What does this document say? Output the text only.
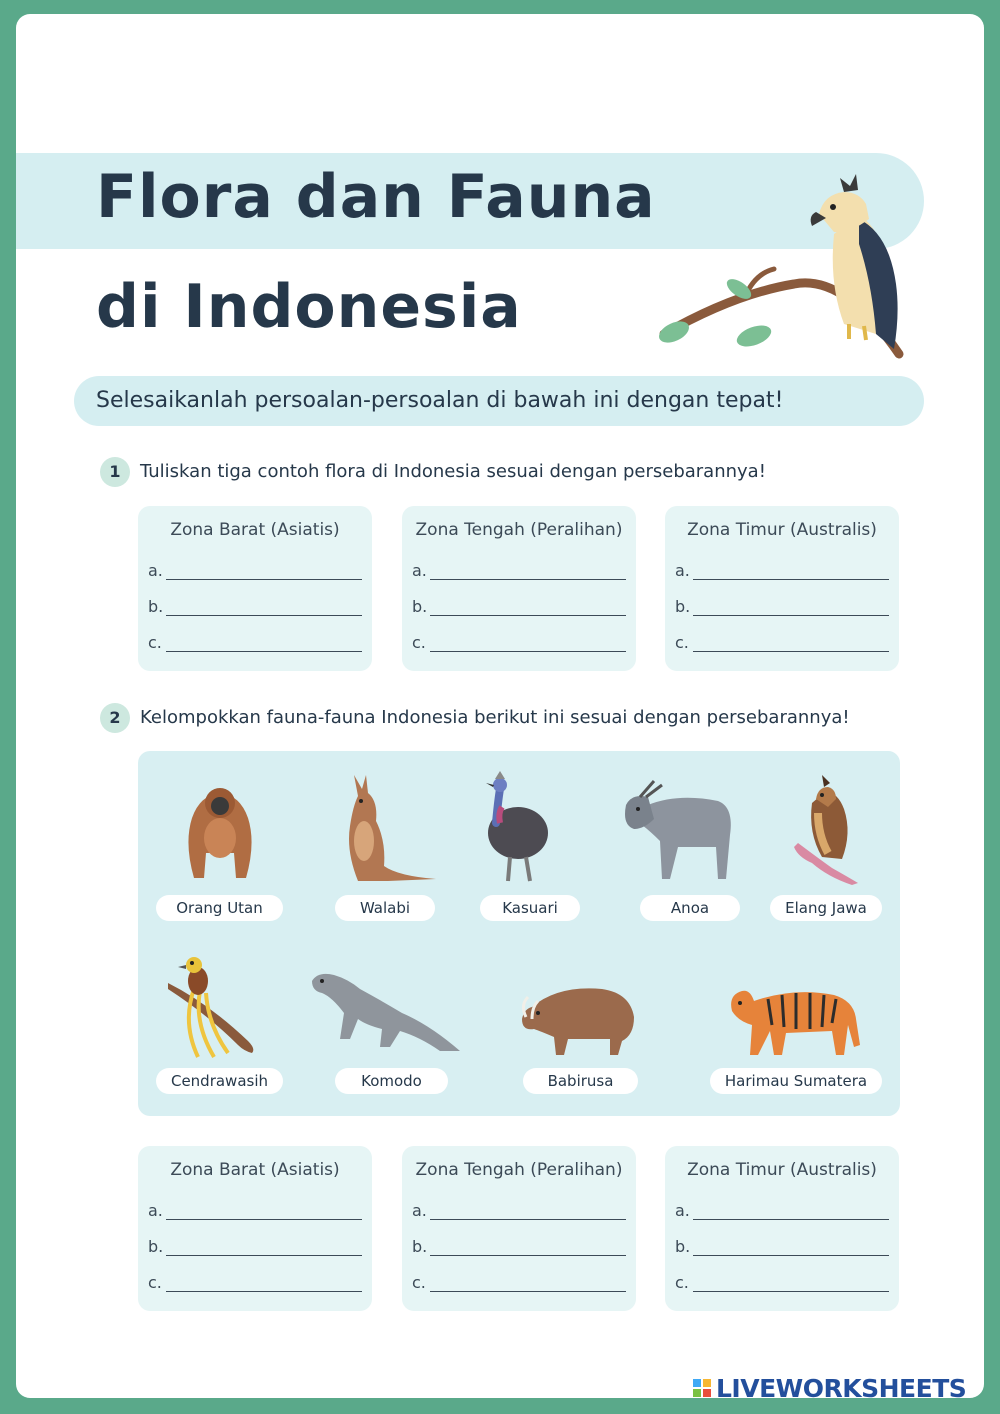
Flora dan Fauna
di Indonesia
Selesaikanlah persoalan-persoalan di bawah ini dengan tepat!
1	Tuliskan tiga contoh flora di Indonesia sesuai dengan persebarannya!
Zona Barat (Asiatis)
a.
b.
c.
Zona Tengah (Peralihan)
a.
b.
c.
Zona Timur (Australis)
a.
b.
c.
2	Kelompokkan fauna-fauna Indonesia berikut ini sesuai dengan persebarannya!
Orang Utan	Walabi	Kasuari	Anoa	Elang Jawa
Cendrawasih	Komodo	Babirusa	Harimau Sumatera
Zona Barat (Asiatis)
a.
b.
c.
Zona Tengah (Peralihan)
a.
b.
c.
Zona Timur (Australis)
a.
b.
c.
LIVEWORKSHEETS
